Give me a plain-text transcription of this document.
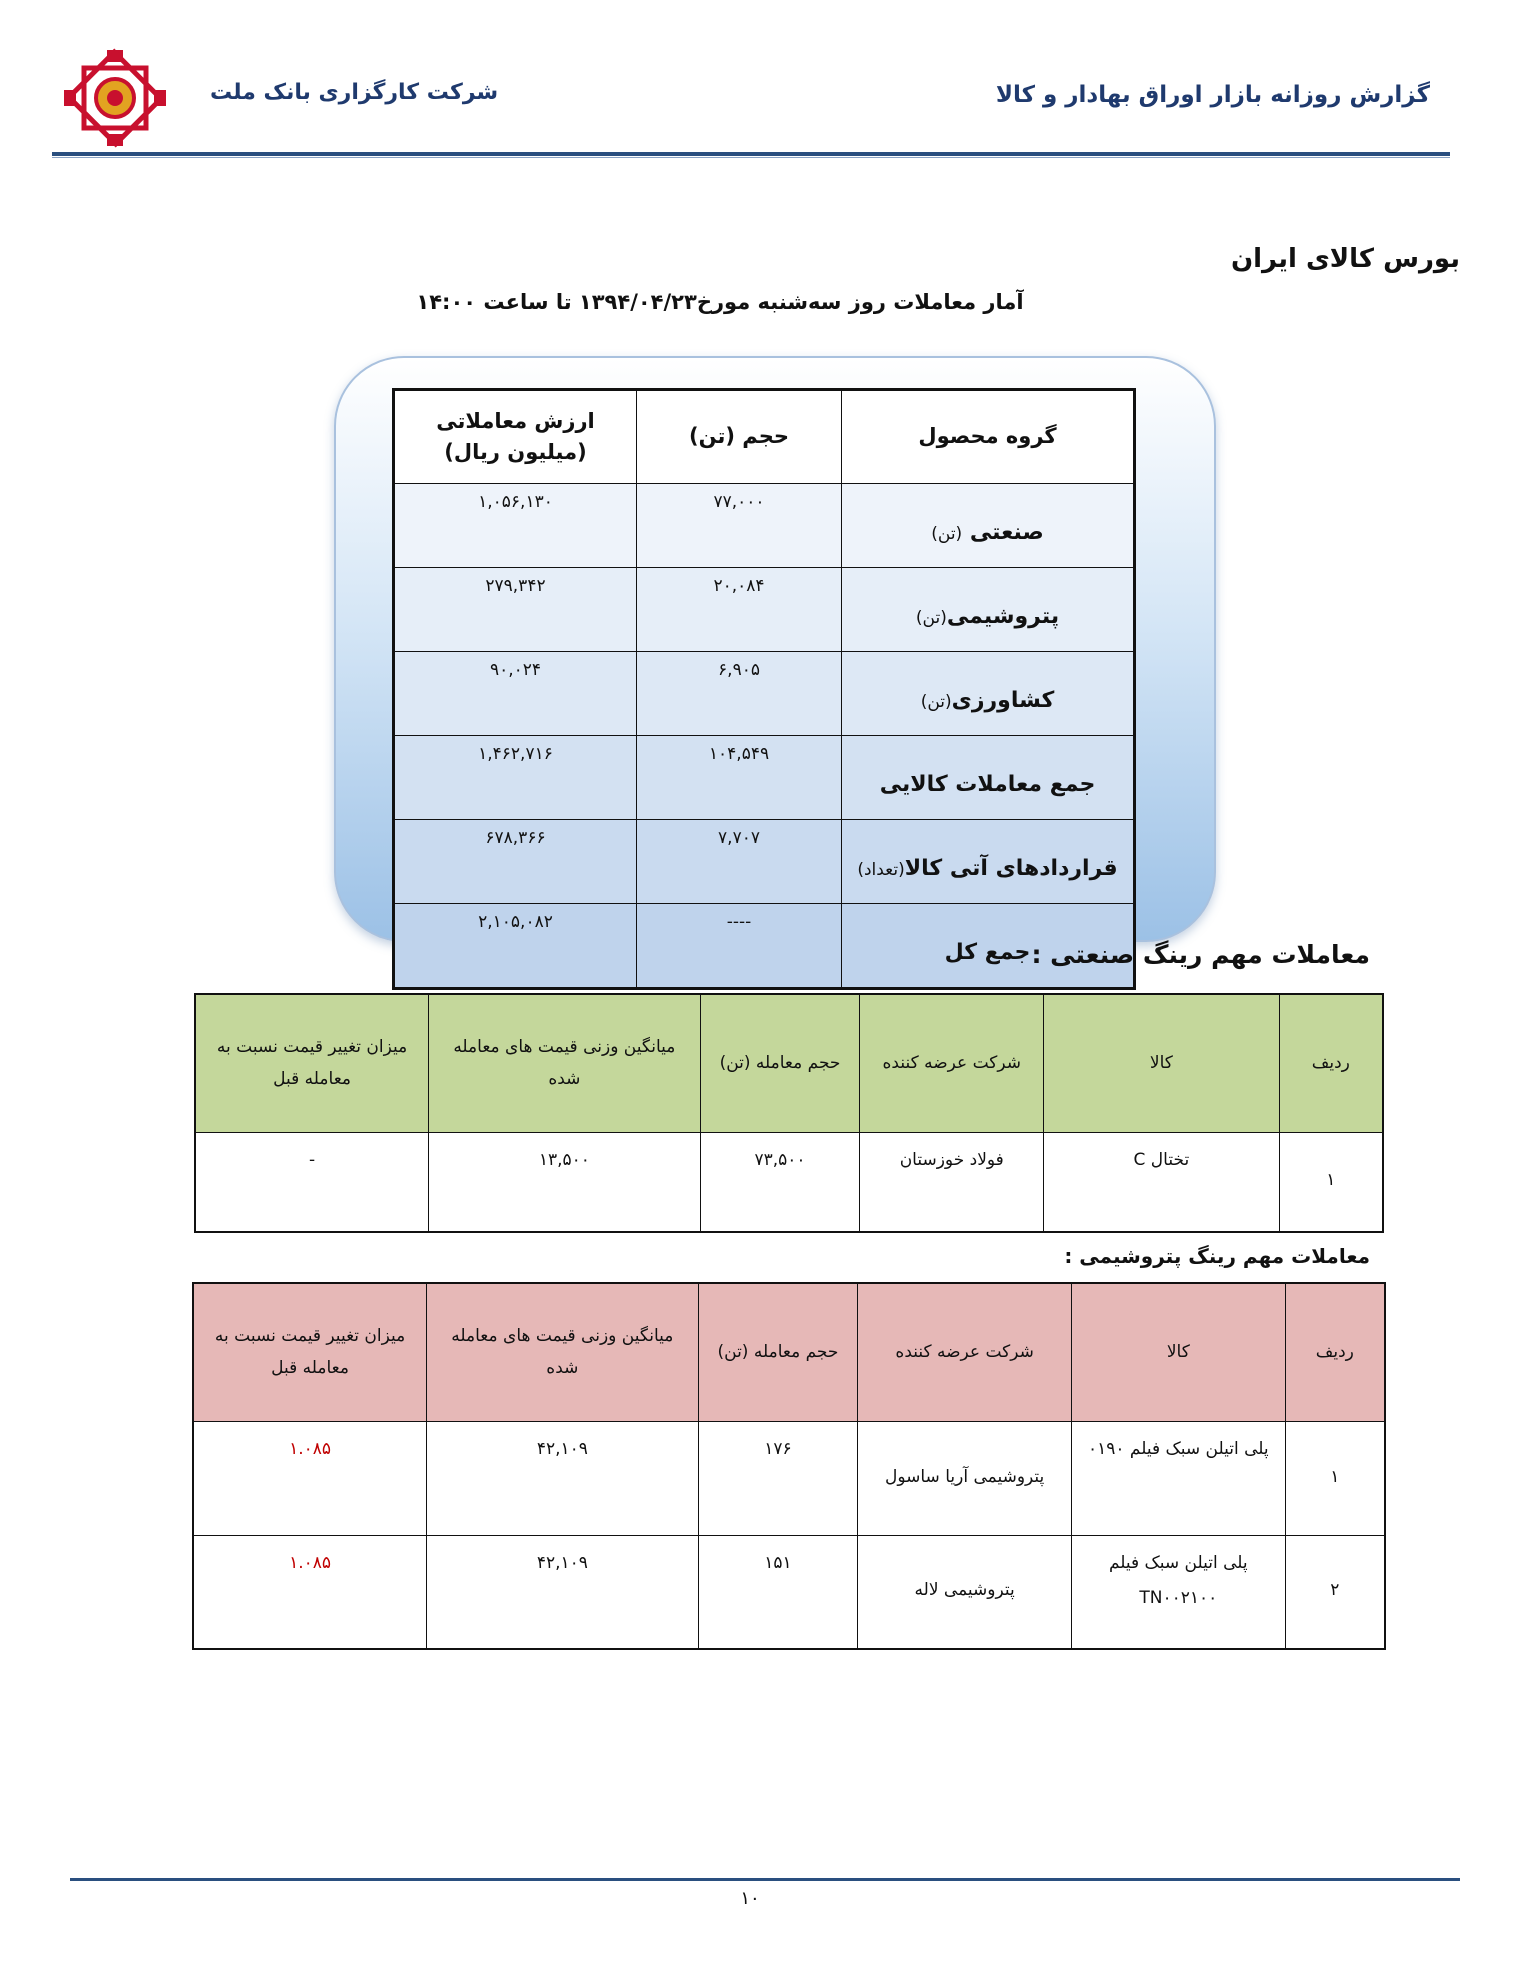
شرکت کارگزاری بانک ملت	گزارش روزانه بازار اوراق بهادار و کالا
بورس کالای ایران
آمار معاملات روز سه‌شنبه مورخ۱۳۹۴/۰۴/۲۳ تا ساعت ۱۴:۰۰
گروه محصول	حجم (تن)	ارزش معاملاتی (میلیون ریال)
صنعتی (تن)	۷۷,۰۰۰	۱,۰۵۶,۱۳۰
پتروشیمی(تن)	۲۰,۰۸۴	۲۷۹,۳۴۲
کشاورزی(تن)	۶,۹۰۵	۹۰,۰۲۴
جمع معاملات کالایی	۱۰۴,۵۴۹	۱,۴۶۲,۷۱۶
قراردادهای آتی کالا(تعداد)	۷,۷۰۷	۶۷۸,۳۶۶
جمع کل	----	۲,۱۰۵,۰۸۲
معاملات مهم رینگ صنعتی :
ردیف	کالا	شرکت عرضه کننده	حجم معامله (تن)	میانگین وزنی قیمت های معامله شده	میزان تغییر قیمت نسبت به معامله قبل
۱	تختال C	فولاد خوزستان	۷۳,۵۰۰	۱۳,۵۰۰	-
معاملات مهم رینگ پتروشیمی :
ردیف	کالا	شرکت عرضه کننده	حجم معامله (تن)	میانگین وزنی قیمت های معامله شده	میزان تغییر قیمت نسبت به معامله قبل
۱	پلی اتیلن سبک فیلم ۰۱۹۰	پتروشیمی آریا ساسول	۱۷۶	۴۲,۱۰۹	۱.۰۸۵
۲	پلی اتیلن سبک فیلم TN۰۰۲۱۰۰	پتروشیمی لاله	۱۵۱	۴۲,۱۰۹	۱.۰۸۵
۱۰
